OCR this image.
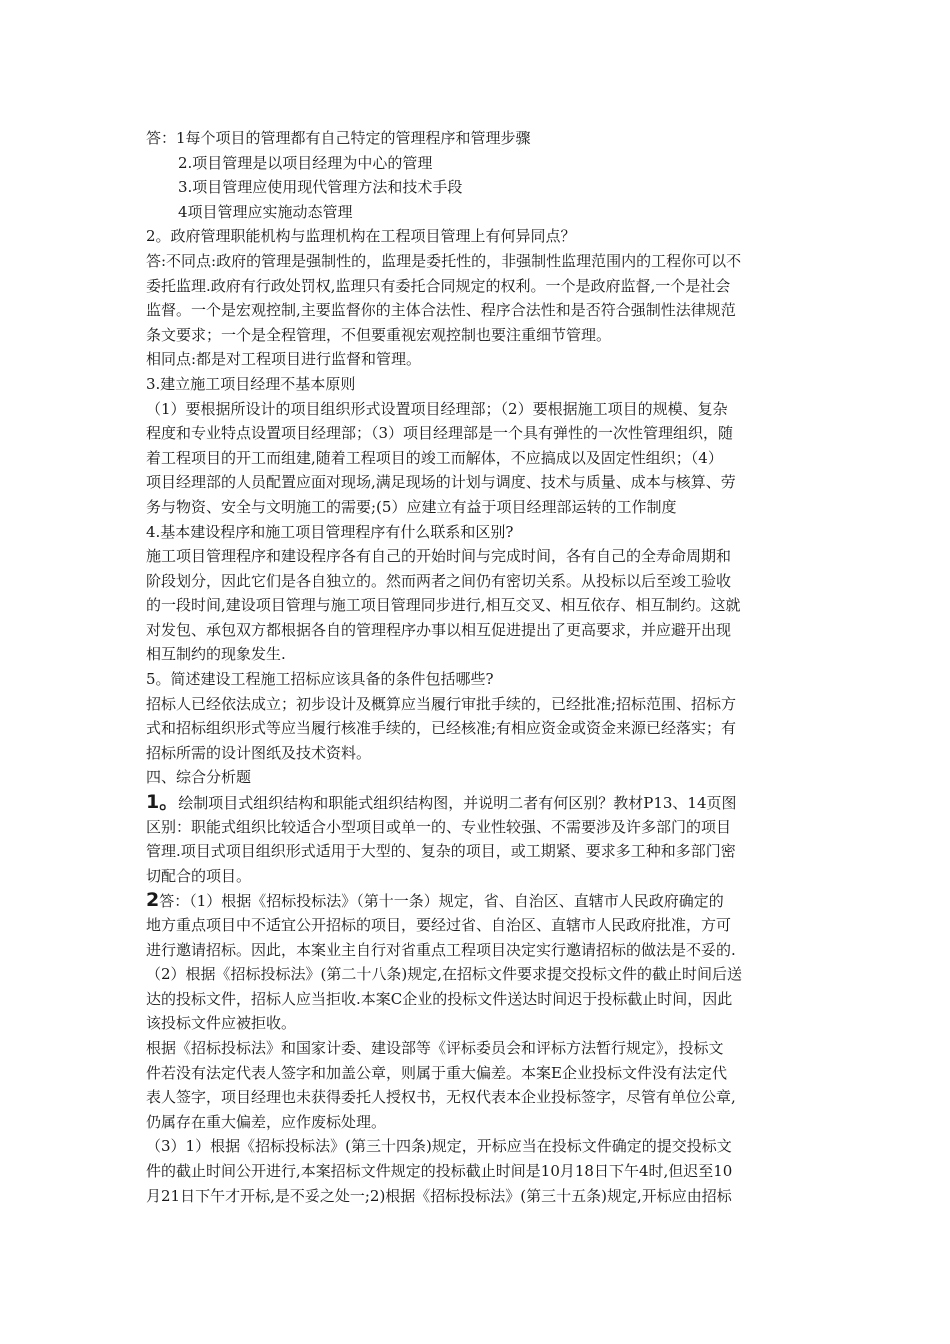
答：1每个项目的管理都有自己特定的管理程序和管理步骤
2.项目管理是以项目经理为中心的管理
3.项目管理应使用现代管理方法和技术手段
4项目管理应实施动态管理
2。政府管理职能机构与监理机构在工程项目管理上有何异同点？
答:不同点:政府的管理是强制性的，监理是委托性的，非强制性监理范围内的工程你可以不
委托监理.政府有行政处罚权,监理只有委托合同规定的权利。一个是政府监督,一个是社会
监督。一个是宏观控制,主要监督你的主体合法性、程序合法性和是否符合强制性法律规范
条文要求；一个是全程管理，不但要重视宏观控制也要注重细节管理。
相同点:都是对工程项目进行监督和管理。
3.建立施工项目经理不基本原则
（1）要根据所设计的项目组织形式设置项目经理部；（2）要根据施工项目的规模、复杂
程度和专业特点设置项目经理部；（3）项目经理部是一个具有弹性的一次性管理组织，随
着工程项目的开工而组建,随着工程项目的竣工而解体，不应搞成以及固定性组织；（4）
项目经理部的人员配置应面对现场,满足现场的计划与调度、技术与质量、成本与核算、劳
务与物资、安全与文明施工的需要;(5）应建立有益于项目经理部运转的工作制度
4.基本建设程序和施工项目管理程序有什么联系和区别?
施工项目管理程序和建设程序各有自己的开始时间与完成时间，各有自己的全寿命周期和
阶段划分，因此它们是各自独立的。然而两者之间仍有密切关系。从投标以后至竣工验收
的一段时间,建设项目管理与施工项目管理同步进行,相互交叉、相互依存、相互制约。这就
对发包、承包双方都根据各自的管理程序办事以相互促进提出了更高要求，并应避开出现
相互制约的现象发生.
5。简述建设工程施工招标应该具备的条件包括哪些?
招标人已经依法成立；初步设计及概算应当履行审批手续的，已经批准;招标范围、招标方
式和招标组织形式等应当履行核准手续的，已经核准;有相应资金或资金来源已经落实；有
招标所需的设计图纸及技术资料。
四、综合分析题
1。绘制项目式组织结构和职能式组织结构图，并说明二者有何区别？教材P13、14页图
区别：职能式组织比较适合小型项目或单一的、专业性较强、不需要涉及许多部门的项目
管理.项目式项目组织形式适用于大型的、复杂的项目，或工期紧、要求多工种和多部门密
切配合的项目。
2答：（1）根据《招标投标法》（第十一条）规定，省、自治区、直辖市人民政府确定的
地方重点项目中不适宜公开招标的项目，要经过省、自治区、直辖市人民政府批准，方可
进行邀请招标。因此，本案业主自行对省重点工程项目决定实行邀请招标的做法是不妥的.
（2）根据《招标投标法》(第二十八条)规定,在招标文件要求提交投标文件的截止时间后送
达的投标文件，招标人应当拒收.本案C企业的投标文件送达时间迟于投标截止时间，因此
该投标文件应被拒收。
根据《招标投标法》和国家计委、建设部等《评标委员会和评标方法暂行规定》，投标文
件若没有法定代表人签字和加盖公章，则属于重大偏差。本案E企业投标文件没有法定代
表人签字，项目经理也未获得委托人授权书，无权代表本企业投标签字，尽管有单位公章,
仍属存在重大偏差，应作废标处理。
（3）1）根据《招标投标法》(第三十四条)规定，开标应当在投标文件确定的提交投标文
件的截止时间公开进行,本案招标文件规定的投标截止时间是10月18日下午4时,但迟至10
月21日下午才开标,是不妥之处一;2)根据《招标投标法》(第三十五条)规定,开标应由招标
